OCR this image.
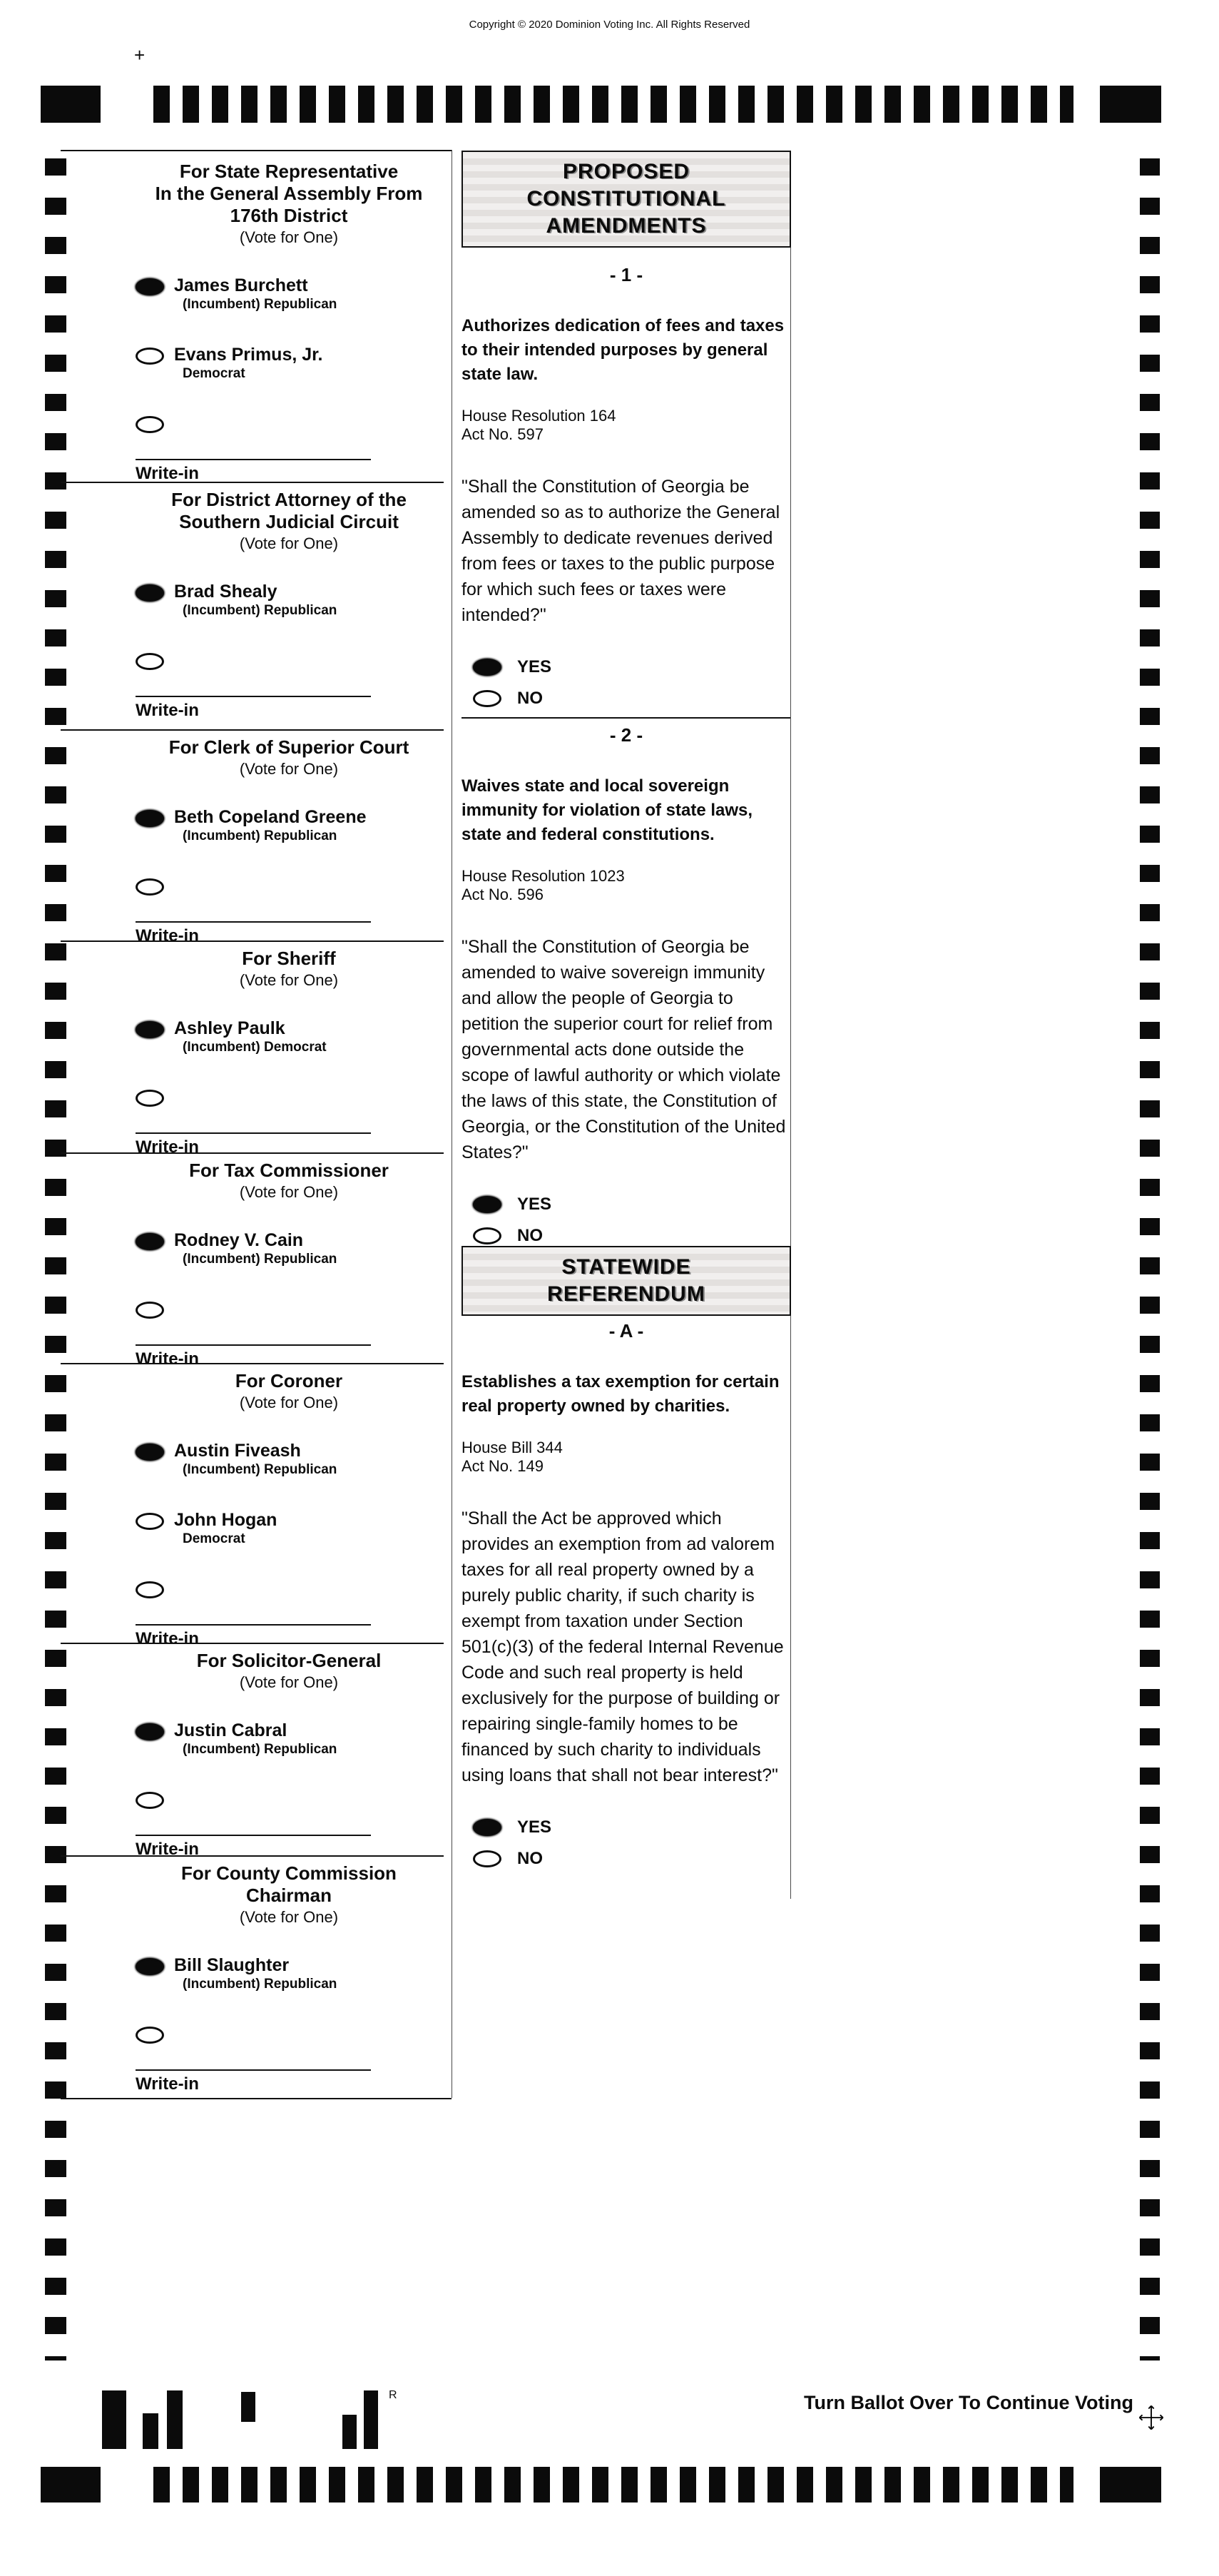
Copyright © 2020 Dominion Voting Inc. All Rights Reserved
+
For State Representative
In the General Assembly From
176th District
(Vote for One)
James Burchett
(Incumbent) Republican
Evans Primus, Jr.
Democrat
Write-in
For District Attorney of the
Southern Judicial Circuit
(Vote for One)
Brad Shealy
(Incumbent) Republican
Write-in
For Clerk of Superior Court
(Vote for One)
Beth Copeland Greene
(Incumbent) Republican
Write-in
For Sheriff
(Vote for One)
Ashley Paulk
(Incumbent) Democrat
Write-in
For Tax Commissioner
(Vote for One)
Rodney V. Cain
(Incumbent) Republican
Write-in
For Coroner
(Vote for One)
Austin Fiveash
(Incumbent) Republican
John Hogan
Democrat
Write-in
For Solicitor-General
(Vote for One)
Justin Cabral
(Incumbent) Republican
Write-in
For County Commission
Chairman
(Vote for One)
Bill Slaughter
(Incumbent) Republican
Write-in
PROPOSED
CONSTITUTIONAL
AMENDMENTS
- 1 -
Authorizes dedication of fees and taxes to their intended purposes by general state law.
House Resolution 164
Act No. 597
"Shall the Constitution of Georgia be amended so as to authorize the General Assembly to dedicate revenues derived from fees or taxes to the public purpose for which such fees or taxes were intended?"
YES
NO
- 2 -
Waives state and local sovereign immunity for violation of state laws, state and federal constitutions.
House Resolution 1023
Act No. 596
"Shall the Constitution of Georgia be amended to waive sovereign immunity and allow the people of Georgia to petition the superior court for relief from governmental acts done outside the scope of lawful authority or which violate the laws of this state, the Constitution of Georgia, or the Constitution of the United States?"
YES
NO
STATEWIDE
REFERENDUM
- A -
Establishes a tax exemption for certain real property owned by charities.
House Bill 344
Act No. 149
"Shall the Act be approved which provides an exemption from ad valorem taxes for all real property owned by a purely public charity, if such charity is exempt from taxation under Section 501(c)(3) of the federal Internal Revenue Code and such real property is held exclusively for the purpose of building or repairing single-family homes to be financed by such charity to individuals using loans that shall not bear interest?"
YES
NO
R	Turn Ballot Over To Continue Voting
